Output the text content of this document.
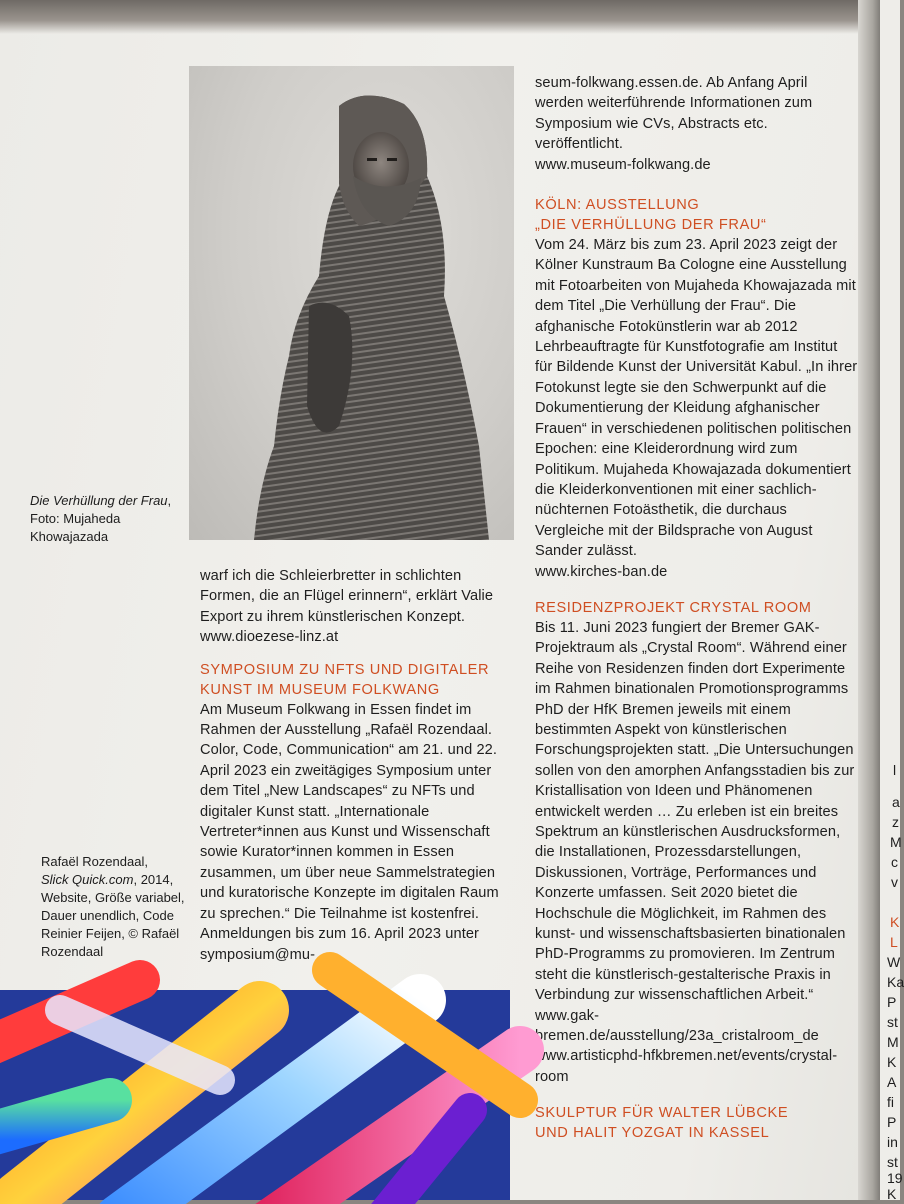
Die Verhüllung der Frau, Foto: Mujaheda Khowajazada
Rafaël Rozendaal,
Slick Quick.com, 2014, Website, Größe variabel, Dauer unendlich, Code Reinier Feijen, © Rafaël Rozendaal

warf ich die Schleierbretter in schlichten Formen, die an Flügel erinnern“, erklärt Valie Export zu ihrem künstlerischen Konzept.

www.dioezese-linz.at

SYMPOSIUM ZU NFTS UND DIGITALER KUNST IM MUSEUM FOLKWANG

Am Museum Folkwang in Essen findet im Rahmen der Ausstellung „Rafaël Rozendaal. Color, Code, Communication“ am 21. und 22. April 2023 ein zweitägiges Symposium unter dem Titel „New Landscapes“ zu NFTs und digitaler Kunst statt. „Internationale Vertreter*innen aus Kunst und Wissenschaft sowie Kurator*innen kommen in Essen zusammen, um über neue Sammelstrategien und kuratorische Konzepte im digitalen Raum zu sprechen.“ Die Teilnahme ist kostenfrei. Anmeldungen bis zum 16. April 2023 unter symposium@mu-

seum-folkwang.essen.de. Ab Anfang April werden weiterführende Informationen zum Symposium wie CVs, Abstracts etc. veröffentlicht.

www.museum-folkwang.de

KÖLN: AUSSTELLUNG
„DIE VERHÜLLUNG DER FRAU“

Vom 24. März bis zum 23. April 2023 zeigt der Kölner Kunstraum Ba Cologne eine Ausstellung mit Fotoarbeiten von Mujaheda Khowajazada mit dem Titel „Die Verhüllung der Frau“. Die afghanische Fotokünstlerin war ab 2012 Lehrbeauftragte für Kunstfotografie am Institut für Bildende Kunst der Universität Kabul. „In ihrer Fotokunst legte sie den Schwerpunkt auf die Dokumentierung der Kleidung afghanischer Frauen“ in verschiedenen politischen politischen Epochen: eine Kleiderordnung wird zum Politikum. Mujaheda Khowajazada dokumentiert die Kleiderkonventionen mit einer sachlich-nüchternen Fotoästhetik, die durchaus Vergleiche mit der Bildsprache von August Sander zulässt.

www.kirches-ban.de

RESIDENZPROJEKT CRYSTAL ROOM

Bis 11. Juni 2023 fungiert der Bremer GAK-Projektraum als „Crystal Room“. Während einer Reihe von Residenzen finden dort Experimente im Rahmen binationalen Promotionsprogramms PhD der HfK Bremen jeweils mit einem bestimmten Aspekt von künstlerischen Forschungsprojekten statt. „Die Untersuchungen sollen von den amorphen Anfangsstadien bis zur Kristallisation von Ideen und Phänomenen entwickelt werden … Zu erleben ist ein breites Spektrum an künstlerischen Ausdrucksformen, die Installationen, Prozessdarstellungen, Diskussionen, Vorträge, Performances und Konzerte umfassen. Seit 2020 bietet die Hochschule die Möglichkeit, im Rahmen des kunst- und wissenschaftsbasierten binationalen PhD-Programms zu promovieren. Im Zentrum steht die künstlerisch-gestalterische Praxis in Verbindung zur wissenschaftlichen Arbeit.“

www.gak-bremen.de/ausstellung/23a_cristalroom_de

www.artisticphd-hfkbremen.net/events/crystal-room

SKULPTUR FÜR WALTER LÜBCKE
UND HALIT YOZGAT IN KASSEL

l
a
z
M
c
v
K
L
W
Ka
P
st
M
K
A
fi
P
in
st
19
K
